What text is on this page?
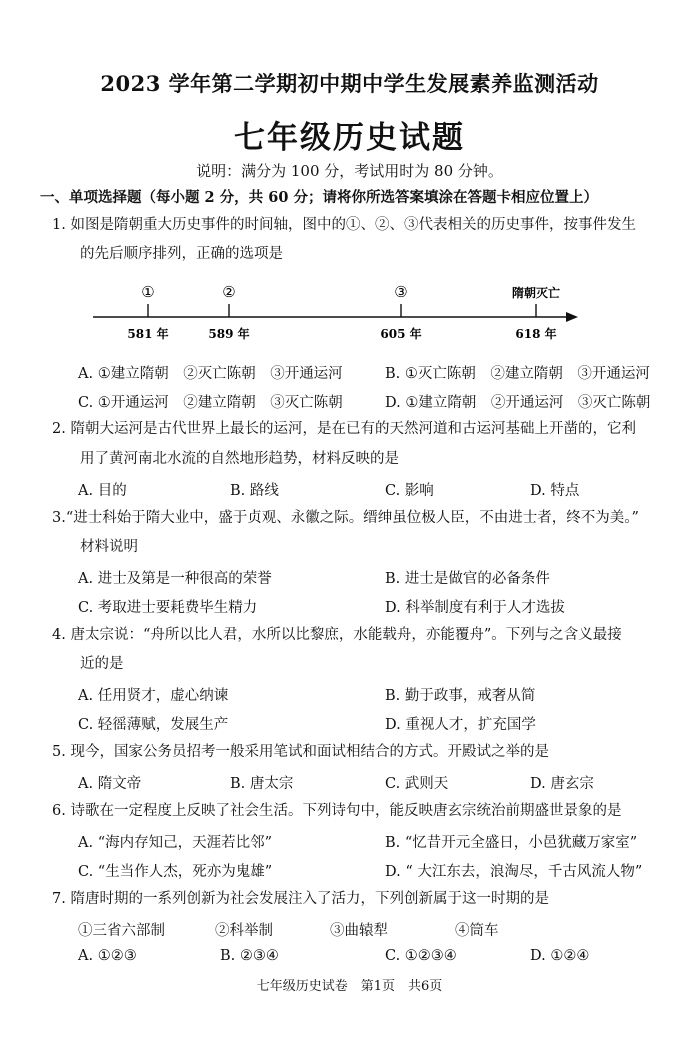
2023 学年第二学期初中期中学生发展素养监测活动
七年级历史试题
说明：满分为 100 分，考试用时为 80 分钟。
一、单项选择题（每小题 2 分，共 60 分；请将你所选答案填涂在答题卡相应位置上）
1. 如图是隋朝重大历史事件的时间轴，图中的①、②、③代表相关的历史事件，按事件发生
的先后顺序排列，正确的选项是
①	②	③	隋朝灭亡
581 年	589 年	605 年	618 年
A. ①建立隋朝　②灭亡陈朝　③开通运河	B. ①灭亡陈朝　②建立隋朝　③开通运河
C. ①开通运河　②建立隋朝　③灭亡陈朝	D. ①建立隋朝　②开通运河　③灭亡陈朝
2. 隋朝大运河是古代世界上最长的运河，是在已有的天然河道和古运河基础上开凿的，它利
用了黄河南北水流的自然地形趋势，材料反映的是
A. 目的	B. 路线	C. 影响	D. 特点
3.“进士科始于隋大业中，盛于贞观、永徽之际。缙绅虽位极人臣，不由进士者，终不为美。”
材料说明
A. 进士及第是一种很高的荣誉	B. 进士是做官的必备条件
C. 考取进士要耗费毕生精力	D. 科举制度有利于人才选拔
4. 唐太宗说：“舟所以比人君，水所以比黎庶，水能载舟，亦能覆舟”。下列与之含义最接
近的是
A. 任用贤才，虚心纳谏	B. 勤于政事，戒奢从简
C. 轻徭薄赋，发展生产	D. 重视人才，扩充国学
5. 现今，国家公务员招考一般采用笔试和面试相结合的方式。开殿试之举的是
A. 隋文帝	B. 唐太宗	C. 武则天	D. 唐玄宗
6. 诗歌在一定程度上反映了社会生活。下列诗句中，能反映唐玄宗统治前期盛世景象的是
A. “海内存知己，天涯若比邻”	B. “忆昔开元全盛日，小邑犹藏万家室”
C. “生当作人杰，死亦为鬼雄”	D. “ 大江东去，浪淘尽，千古风流人物”
7. 隋唐时期的一系列创新为社会发展注入了活力，下列创新属于这一时期的是
①三省六部制	②科举制	③曲辕犁	④筒车
A. ①②③	B. ②③④	C. ①②③④	D. ①②④
七年级历史试卷　第1页　共6页
